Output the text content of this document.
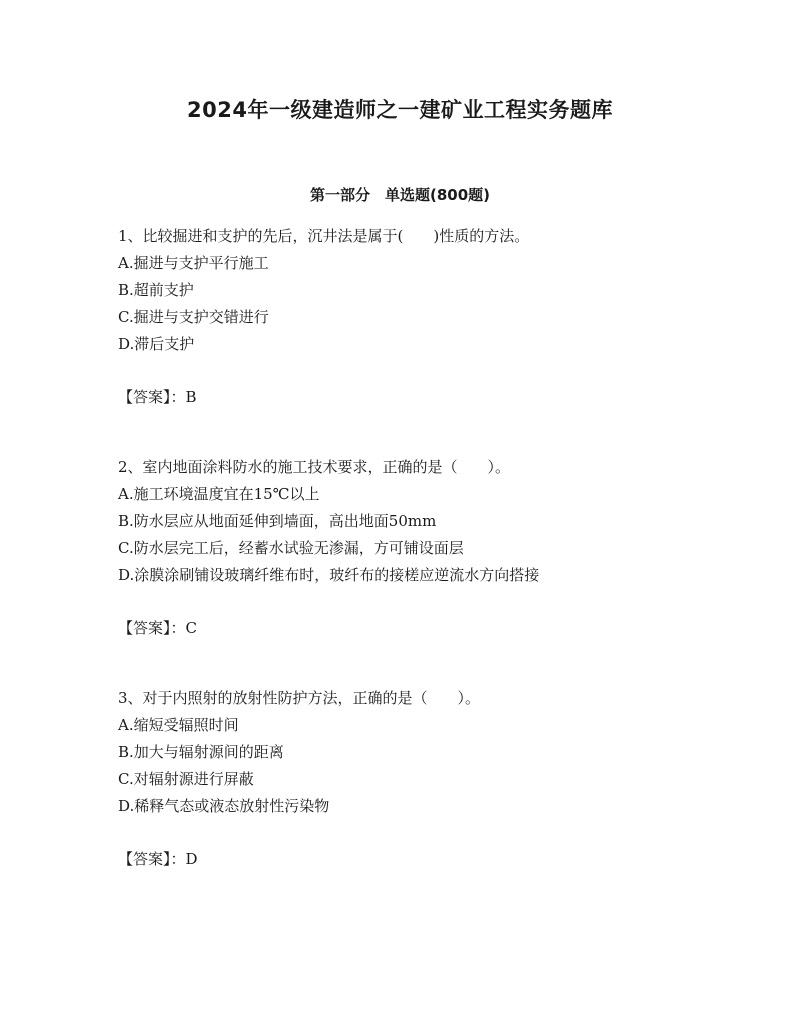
2024年一级建造师之一建矿业工程实务题库
第一部分　单选题(800题)
1、比较掘进和支护的先后，沉井法是属于(　　)性质的方法。
A.掘进与支护平行施工
B.超前支护
C.掘进与支护交错进行
D.滞后支护
【答案】：B
2、室内地面涂料防水的施工技术要求，正确的是（　　）。
A.施工环境温度宜在15℃以上
B.防水层应从地面延伸到墙面，高出地面50mm
C.防水层完工后，经蓄水试验无渗漏，方可铺设面层
D.涂膜涂刷铺设玻璃纤维布时，玻纤布的接槎应逆流水方向搭接
【答案】：C
3、对于内照射的放射性防护方法，正确的是（　　）。
A.缩短受辐照时间
B.加大与辐射源间的距离
C.对辐射源进行屏蔽
D.稀释气态或液态放射性污染物
【答案】：D
